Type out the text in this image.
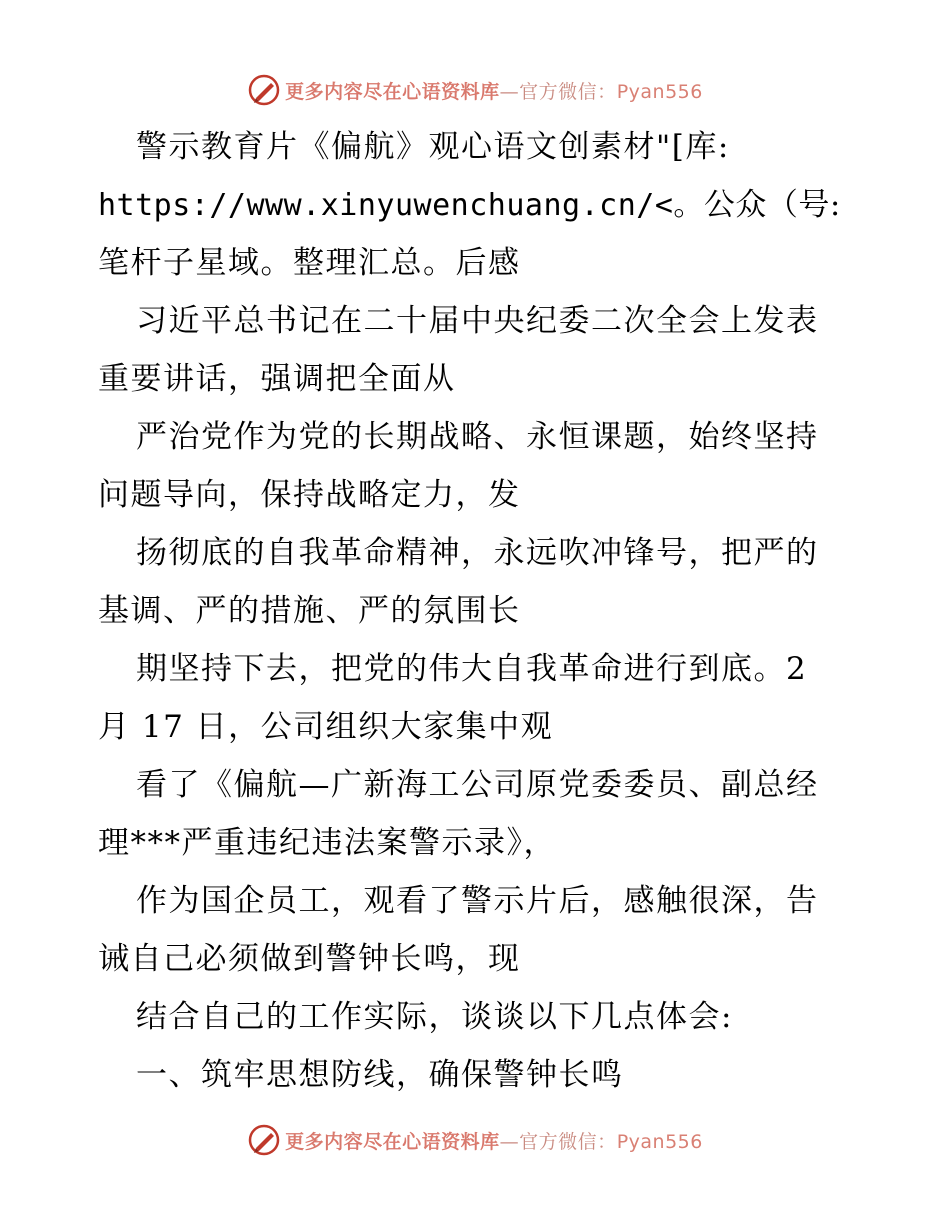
更多内容尽在心语资料库—官方微信：Pyan556
警示教育片《偏航》观心语文创素材"[库:
https://www.xinyuwenchuang.cn/<。公众（号:
笔杆子星域。整理汇总。后感
习近平总书记在二十届中央纪委二次全会上发表
重要讲话，强调把全面从
严治党作为党的长期战略、永恒课题，始终坚持
问题导向，保持战略定力，发
扬彻底的自我革命精神，永远吹冲锋号，把严的
基调、严的措施、严的氛围长
期坚持下去，把党的伟大自我革命进行到底。2
月 17 日，公司组织大家集中观
看了《偏航—广新海工公司原党委委员、副总经
理***严重违纪违法案警示录》，
作为国企员工，观看了警示片后，感触很深，告
诫自己必须做到警钟长鸣，现
结合自己的工作实际，谈谈以下几点体会:
一、筑牢思想防线，确保警钟长鸣
更多内容尽在心语资料库—官方微信：Pyan556
